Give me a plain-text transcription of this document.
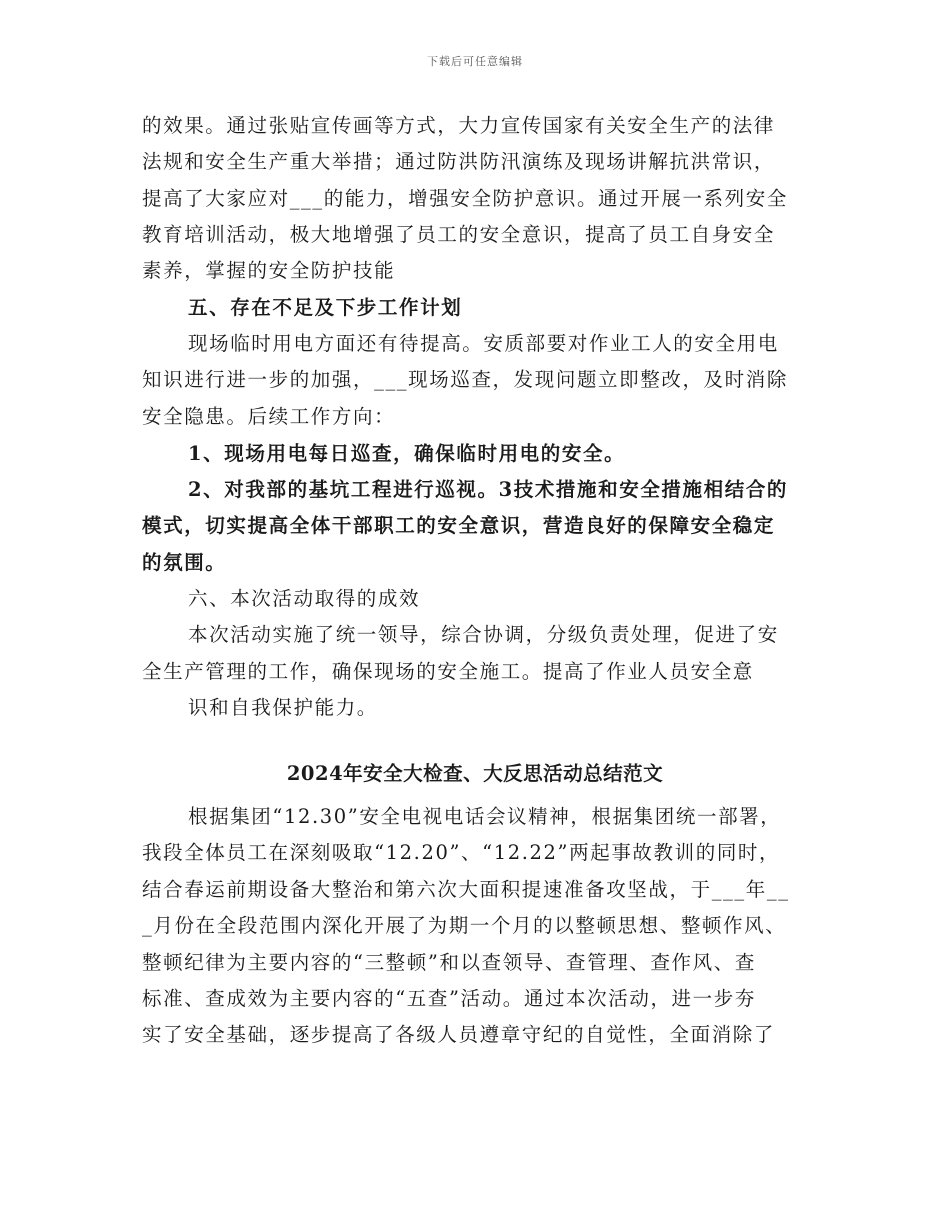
下载后可任意编辑
的效果。通过张贴宣传画等方式，大力宣传国家有关安全生产的法律
法规和安全生产重大举措；通过防洪防汛演练及现场讲解抗洪常识，
提高了大家应对___的能力，增强安全防护意识。通过开展一系列安全
教育培训活动，极大地增强了员工的安全意识，提高了员工自身安全
素养，掌握的安全防护技能
五、存在不足及下步工作计划
现场临时用电方面还有待提高。安质部要对作业工人的安全用电
知识进行进一步的加强，___现场巡查，发现问题立即整改，及时消除
安全隐患。后续工作方向：
1、现场用电每日巡查，确保临时用电的安全。
2、对我部的基坑工程进行巡视。3技术措施和安全措施相结合的
模式，切实提高全体干部职工的安全意识，营造良好的保障安全稳定
的氛围。
六、本次活动取得的成效
本次活动实施了统一领导，综合协调，分级负责处理，促进了安
全生产管理的工作，确保现场的安全施工。提高了作业人员安全意
识和自我保护能力。
2024年安全大检查、大反思活动总结范文
根据集团“12.30”安全电视电话会议精神，根据集团统一部署，
我段全体员工在深刻吸取“12.20”、“12.22”两起事故教训的同时，
结合春运前期设备大整治和第六次大面积提速准备攻坚战，于___年__
_月份在全段范围内深化开展了为期一个月的以整顿思想、整顿作风、
整顿纪律为主要内容的“三整顿”和以查领导、查管理、查作风、查
标准、查成效为主要内容的“五查”活动。通过本次活动，进一步夯
实了安全基础，逐步提高了各级人员遵章守纪的自觉性，全面消除了
